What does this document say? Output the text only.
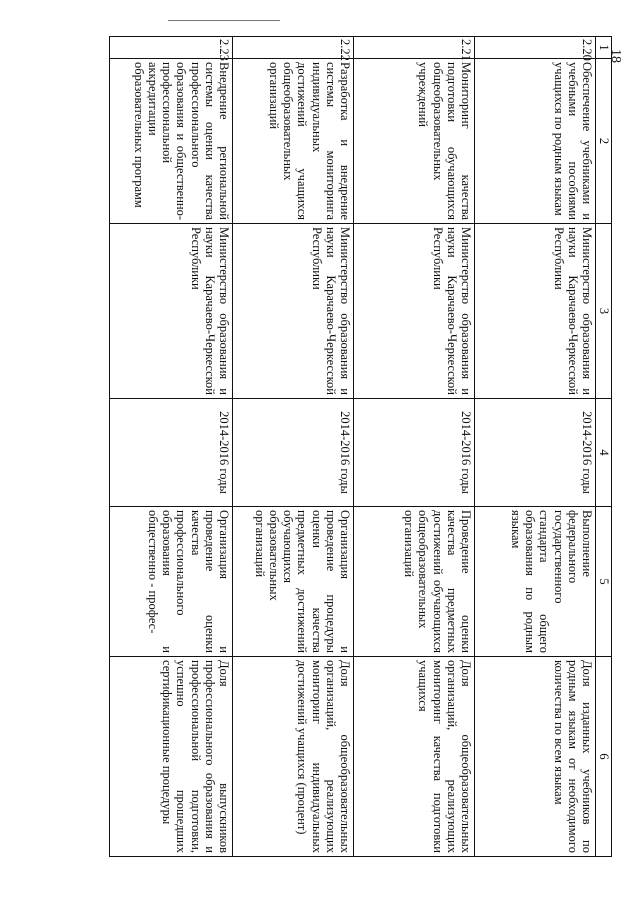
1	2	3	4	5	6
2.20	Обеспечение учебниками и учебными пособиями учащихся по родным языкам	Министерство образования и науки Карачаево-Черкесской Республики	2014-2016 годы	Выполнение федерального государственного стандарта общего образования по родным языкам	Доля изданных учебников по родным языкам от необходимого количества по всем языкам
2.21	Мониторинг качества подготовки обучающихся общеобразовательных учреждений	Министерство образования и науки Карачаево-Черкесской Республики	2014-2016 годы	Проведение оценки качества предметных достижений обучающихся общеобразовательных организаций	Доля общеобразовательных организаций, реализующих мониторинг качества подготовки учащихся
2.22	Разработка и внедрение системы мониторинга индивидуальных достижений учащихся общеобразовательных организаций	Министерство образования и науки Карачаево-Черкесской Республики	2014-2016 годы	Организация и проведение процедуры оценки качества предметных достижений обучающихся образовательных организаций	Доля общеобразовательных организаций, реализующих мониторинг индивидуальных достижений учащихся (процент)
2.23	Внедрение региональной системы оценки качества профессионального образования и общественно-профессиональной аккредитации образовательных программ	Министерство образования и науки Карачаево-Черкесской Республики	2014-2016 годы	Организация и проведение оценки качества профессионального образования и общественно - профес-	Доля выпускников профессионального образования и профессиональной подготовки, успешно прошедших сертификационные процедуры
18
